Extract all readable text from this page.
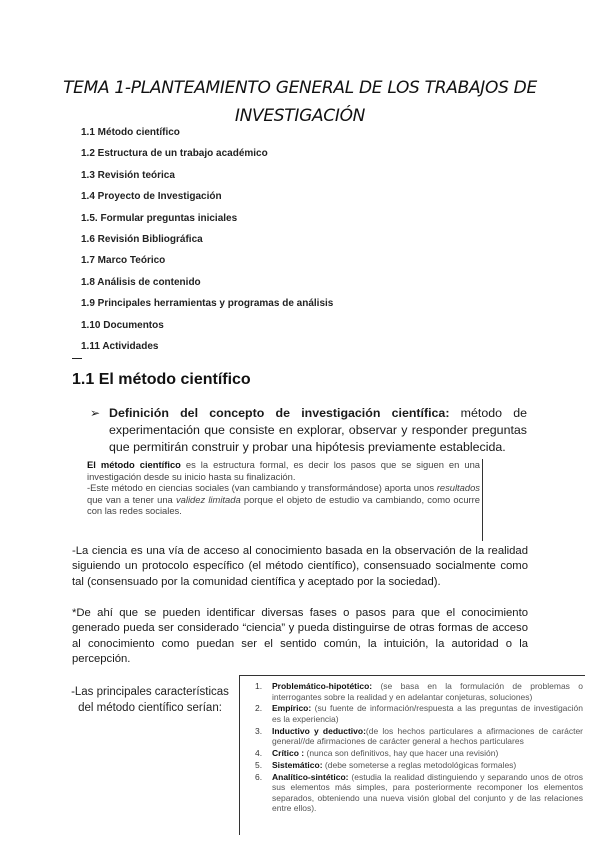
TEMA 1-PLANTEAMIENTO GENERAL DE LOS TRABAJOS DE
INVESTIGACIÓN
1.1 Método científico
1.2 Estructura de un trabajo académico
1.3 Revisión teórica
1.4 Proyecto de Investigación
1.5. Formular preguntas iniciales
1.6 Revisión Bibliográfica
1.7 Marco Teórico
1.8 Análisis de contenido
1.9 Principales herramientas y programas de análisis
1.10 Documentos
1.11 Actividades
1.1 El método científico
➢ Definición del concepto de investigación científica: método de experimentación que consiste en explorar, observar y responder preguntas que permitirán construir y probar una hipótesis previamente establecida.

El método científico es la estructura formal, es decir los pasos que se siguen en una investigación desde su inicio hasta su finalización.

-Este método en ciencias sociales (van cambiando y transformándose) aporta unos resultados que van a tener una validez limitada porque el objeto de estudio va cambiando, como ocurre con las redes sociales.

-La ciencia es una vía de acceso al conocimiento basada en la observación de la realidad siguiendo un protocolo específico (el método científico), consensuado socialmente como tal (consensuado por la comunidad científica y aceptado por la sociedad).

*De ahí que se pueden identificar diversas fases o pasos para que el conocimiento generado pueda ser considerado “ciencia” y pueda distinguirse de otras formas de acceso al conocimiento como puedan ser el sentido común, la intuición, la autoridad o la percepción.

-Las principales características del método científico serían:
1. Problemático-hipotético: (se basa en la formulación de problemas o interrogantes sobre la realidad y en adelantar conjeturas, soluciones)
2. Empírico: (su fuente de información/respuesta a las preguntas de investigación es la experiencia)
3. Inductivo y deductivo:(de los hechos particulares a afirmaciones de carácter general//de afirmaciones de carácter general a hechos particulares
4. Crítico : (nunca son definitivos, hay que hacer una revisión)
5. Sistemático: (debe someterse a reglas metodológicas formales)
6. Analítico-sintético: (estudia la realidad distinguiendo y separando unos de otros sus elementos más simples, para posteriormente recomponer los elementos separados, obteniendo una nueva visión global del conjunto y de las relaciones entre ellos).
